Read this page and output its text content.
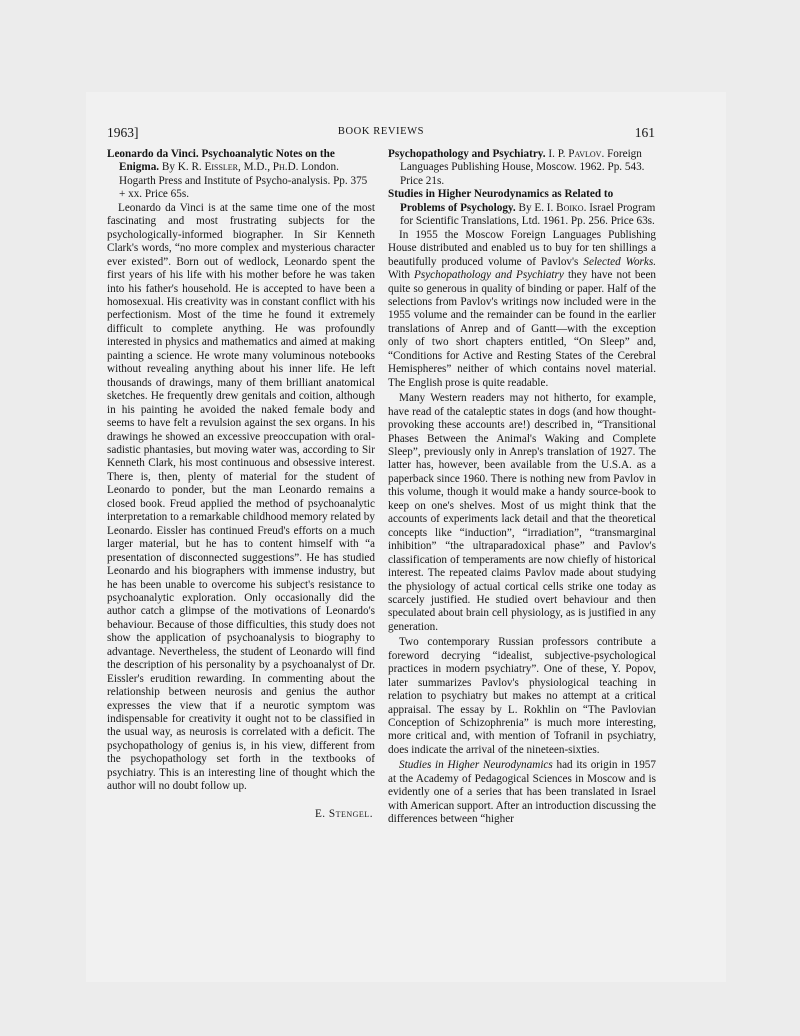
1963]	BOOK REVIEWS	161

Leonardo da Vinci. Psychoanalytic Notes on the Enigma. By K. R. Eissler, M.D., Ph.D. London. Hogarth Press and Institute of Psycho-analysis. Pp. 375 + xx. Price 65s.

Leonardo da Vinci is at the same time one of the most fascinating and most frustrating subjects for the psychologically-informed biographer. In Sir Kenneth Clark's words, “no more complex and mysterious character ever existed”. Born out of wedlock, Leonardo spent the first years of his life with his mother before he was taken into his father's household. He is accepted to have been a homosexual. His creativity was in constant conflict with his perfectionism. Most of the time he found it extremely difficult to complete anything. He was profoundly interested in physics and mathematics and aimed at making painting a science. He wrote many voluminous notebooks without revealing anything about his inner life. He left thousands of drawings, many of them brilliant anatomical sketches. He frequently drew genitals and coition, although in his painting he avoided the naked female body and seems to have felt a revulsion against the sex organs. In his drawings he showed an excessive preoccupation with oral-sadistic phantasies, but moving water was, according to Sir Kenneth Clark, his most continuous and obsessive interest. There is, then, plenty of material for the student of Leonardo to ponder, but the man Leonardo remains a closed book. Freud applied the method of psychoanalytic interpretation to a remarkable childhood memory related by Leonardo. Eissler has continued Freud's efforts on a much larger material, but he has to content himself with “a presentation of disconnected suggestions”. He has studied Leonardo and his biographers with immense industry, but he has been unable to overcome his subject's resistance to psychoanalytic exploration. Only occasionally did the author catch a glimpse of the motivations of Leonardo's behaviour. Because of those difficulties, this study does not show the application of psychoanalysis to biography to advantage. Nevertheless, the student of Leonardo will find the description of his personality by a psychoanalyst of Dr. Eissler's erudition rewarding. In commenting about the relationship between neurosis and genius the author expresses the view that if a neurotic symptom was indispensable for creativity it ought not to be classified in the usual way, as neurosis is correlated with a deficit. The psychopathology of genius is, in his view, different from the psychopathology set forth in the textbooks of psychiatry. This is an interesting line of thought which the author will no doubt follow up.

E. Stengel.

Psychopathology and Psychiatry. I. P. Pavlov. Foreign Languages Publishing House, Moscow. 1962. Pp. 543. Price 21s.

Studies in Higher Neurodynamics as Related to Problems of Psychology. By E. I. Boiko. Israel Program for Scientific Translations, Ltd. 1961. Pp. 256. Price 63s.

In 1955 the Moscow Foreign Languages Publishing House distributed and enabled us to buy for ten shillings a beautifully produced volume of Pavlov's Selected Works. With Psychopathology and Psychiatry they have not been quite so generous in quality of binding or paper. Half of the selections from Pavlov's writings now included were in the 1955 volume and the remainder can be found in the earlier translations of Anrep and of Gantt—with the exception only of two short chapters entitled, “On Sleep” and, “Conditions for Active and Resting States of the Cerebral Hemispheres” neither of which contains novel material. The English prose is quite readable.

Many Western readers may not hitherto, for example, have read of the cataleptic states in dogs (and how thought-provoking these accounts are!) described in, “Transitional Phases Between the Animal's Waking and Complete Sleep”, previously only in Anrep's translation of 1927. The latter has, however, been available from the U.S.A. as a paperback since 1960. There is nothing new from Pavlov in this volume, though it would make a handy source-book to keep on one's shelves. Most of us might think that the accounts of experiments lack detail and that the theoretical concepts like “induction”, “irradiation”, “transmarginal inhibition” “the ultraparadoxical phase” and Pavlov's classification of temperaments are now chiefly of historical interest. The repeated claims Pavlov made about studying the physiology of actual cortical cells strike one today as scarcely justified. He studied overt behaviour and then speculated about brain cell physiology, as is justified in any generation.

Two contemporary Russian professors contribute a foreword decrying “idealist, subjective-psychological practices in modern psychiatry”. One of these, Y. Popov, later summarizes Pavlov's physiological teaching in relation to psychiatry but makes no attempt at a critical appraisal. The essay by L. Rokhlin on “The Pavlovian Conception of Schizophrenia” is much more interesting, more critical and, with mention of Tofranil in psychiatry, does indicate the arrival of the nineteen-sixties.

Studies in Higher Neurodynamics had its origin in 1957 at the Academy of Pedagogical Sciences in Moscow and is evidently one of a series that has been translated in Israel with American support. After an introduction discussing the differences between “higher
